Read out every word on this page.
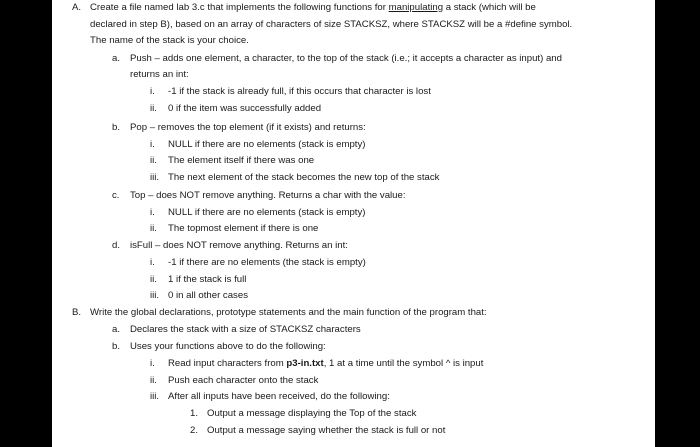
A. Create a file named lab 3.c that implements the following functions for manipulating a stack (which will be
declared in step B), based on an array of characters of size STACKSZ, where STACKSZ will be a #define symbol.
The name of the stack is your choice.
a. Push – adds one element, a character, to the top of the stack (i.e.; it accepts a character as input) and
returns an int:
i. -1 if the stack is already full, if this occurs that character is lost
ii. 0 if the item was successfully added
b. Pop – removes the top element (if it exists) and returns:
i. NULL if there are no elements (stack is empty)
ii. The element itself if there was one
iii. The next element of the stack becomes the new top of the stack
c. Top – does NOT remove anything. Returns a char with the value:
i. NULL if there are no elements (stack is empty)
ii. The topmost element if there is one
d. isFull – does NOT remove anything. Returns an int:
i. -1 if there are no elements (the stack is empty)
ii. 1 if the stack is full
iii. 0 in all other cases
B. Write the global declarations, prototype statements and the main function of the program that:
a. Declares the stack with a size of STACKSZ characters
b. Uses your functions above to do the following:
i. Read input characters from p3-in.txt, 1 at a time until the symbol ^ is input
ii. Push each character onto the stack
iii. After all inputs have been received, do the following:
1. Output a message displaying the Top of the stack
2. Output a message saying whether the stack is full or not
